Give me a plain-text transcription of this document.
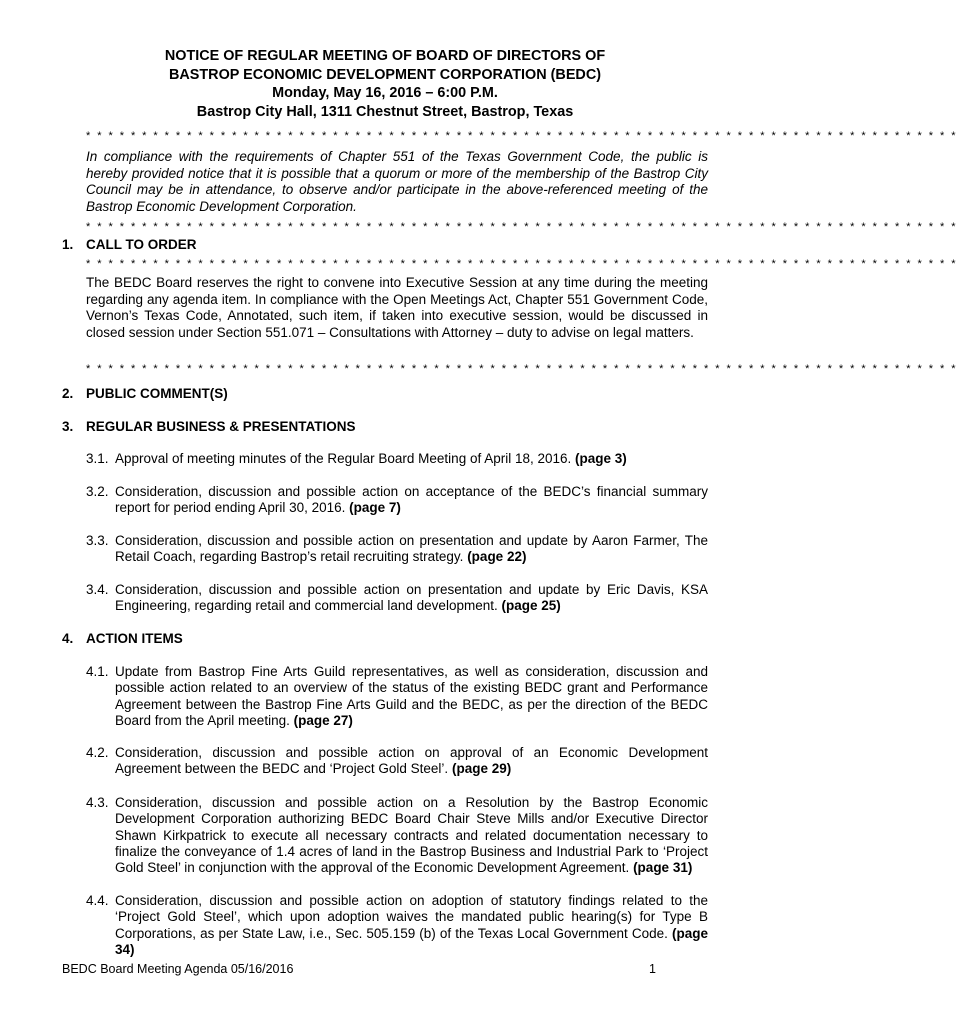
NOTICE OF REGULAR MEETING OF BOARD OF DIRECTORS OF
BASTROP ECONOMIC DEVELOPMENT CORPORATION (BEDC)
Monday, May 16, 2016 – 6:00 P.M.
Bastrop City Hall, 1311 Chestnut Street, Bastrop, Texas
* * * * * * * * * * * * * * * * * * * * * * * * * * * * * * * * * * * * * * * * * * * * * * * * * * * * * * * * * * * * * * * * * * * * * * * * * * * * * *
In compliance with the requirements of Chapter 551 of the Texas Government Code, the public is hereby provided notice that it is possible that a quorum or more of the membership of the Bastrop City Council may be in attendance, to observe and/or participate in the above-referenced meeting of the Bastrop Economic Development Corporation.
* * * * * * * * * * * * * * * * * * * * * * * * * * * * * * * * * * * * * * * * * * * * * * * * * * * * * * * * * * * * * * * * * * * * * * * * * * * * * *
1. CALL TO ORDER
* * * * * * * * * * * * * * * * * * * * * * * * * * * * * * * * * * * * * * * * * * * * * * * * * * * * * * * * * * * * * * * * * * * * * * * * * * * * * *
The BEDC Board reserves the right to convene into Executive Session at any time during the meeting regarding any agenda item. In compliance with the Open Meetings Act, Chapter 551 Government Code, Vernon’s Texas Code, Annotated, such item, if taken into executive session, would be discussed in closed session under Section 551.071 – Consultations with Attorney – duty to advise on legal matters.
* * * * * * * * * * * * * * * * * * * * * * * * * * * * * * * * * * * * * * * * * * * * * * * * * * * * * * * * * * * * * * * * * * * * * * * * * * * * * *
2. PUBLIC COMMENT(S)
3. REGULAR BUSINESS & PRESENTATIONS
3.1. Approval of meeting minutes of the Regular Board Meeting of April 18, 2016. (page 3)
3.2. Consideration, discussion and possible action on acceptance of the BEDC’s financial summary report for period ending April 30, 2016. (page 7)
3.3. Consideration, discussion and possible action on presentation and update by Aaron Farmer, The Retail Coach, regarding Bastrop’s retail recruiting strategy. (page 22)
3.4. Consideration, discussion and possible action on presentation and update by Eric Davis, KSA Engineering, regarding retail and commercial land development. (page 25)
4. ACTION ITEMS
4.1. Update from Bastrop Fine Arts Guild representatives, as well as consideration, discussion and possible action related to an overview of the status of the existing BEDC grant and Performance Agreement between the Bastrop Fine Arts Guild and the BEDC, as per the direction of the BEDC Board from the April meeting. (page 27)
4.2. Consideration, discussion and possible action on approval of an Economic Development Agreement between the BEDC and ‘Project Gold Steel’. (page 29)
4.3. Consideration, discussion and possible action on a Resolution by the Bastrop Economic Development Corporation authorizing BEDC Board Chair Steve Mills and/or Executive Director Shawn Kirkpatrick to execute all necessary contracts and related documentation necessary to finalize the conveyance of 1.4 acres of land in the Bastrop Business and Industrial Park to ‘Project Gold Steel’ in conjunction with the approval of the Economic Development Agreement. (page 31)
4.4. Consideration, discussion and possible action on adoption of statutory findings related to the ‘Project Gold Steel’, which upon adoption waives the mandated public hearing(s) for Type B Corporations, as per State Law, i.e., Sec. 505.159 (b) of the Texas Local Government Code. (page 34)
BEDC Board Meeting Agenda 05/16/2016	1
